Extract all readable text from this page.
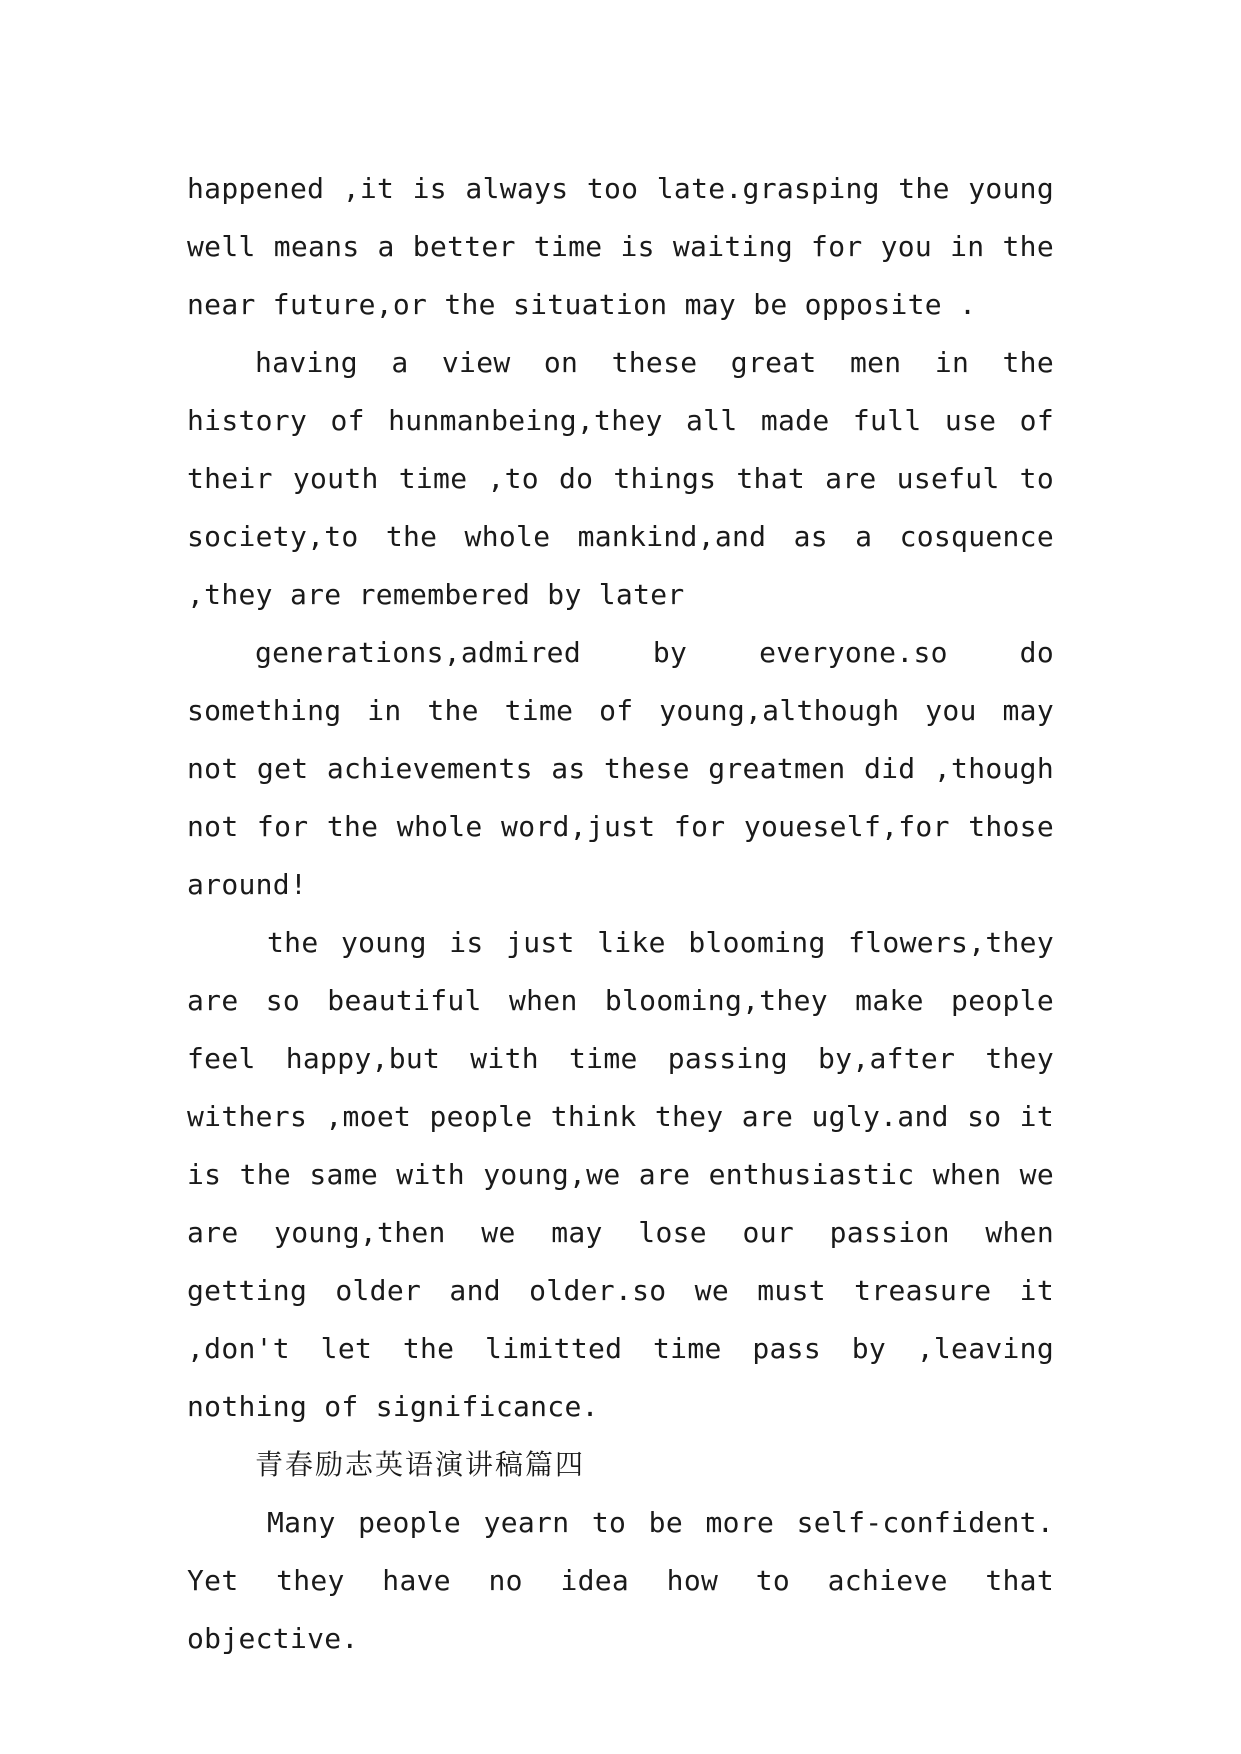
happened ,it is always too late.grasping the young well means a better time is waiting for you in the near future,or the situation may be opposite .

having a view on these great men in the history of hunmanbeing,they all made full use of their youth time ,to do things that are useful to society,to the whole mankind,and as a cosquence ,they are remembered by later

generations,admired by everyone.so do something in the time of young,although you may not get achievements as these greatmen did ,though not for the whole word,just for youeself,for those around!

the young is just like blooming flowers,they are so beautiful when blooming,they make people feel happy,but with time passing by,after they withers ,moet people think they are ugly.and so it is the same with young,we are enthusiastic when we are young,then we may lose our passion when getting older and older.so we must treasure it ,don't let the limitted time pass by ,leaving nothing of significance.

青春励志英语演讲稿篇四

Many people yearn to be more self-confident. Yet they have no idea how to achieve that objective.
